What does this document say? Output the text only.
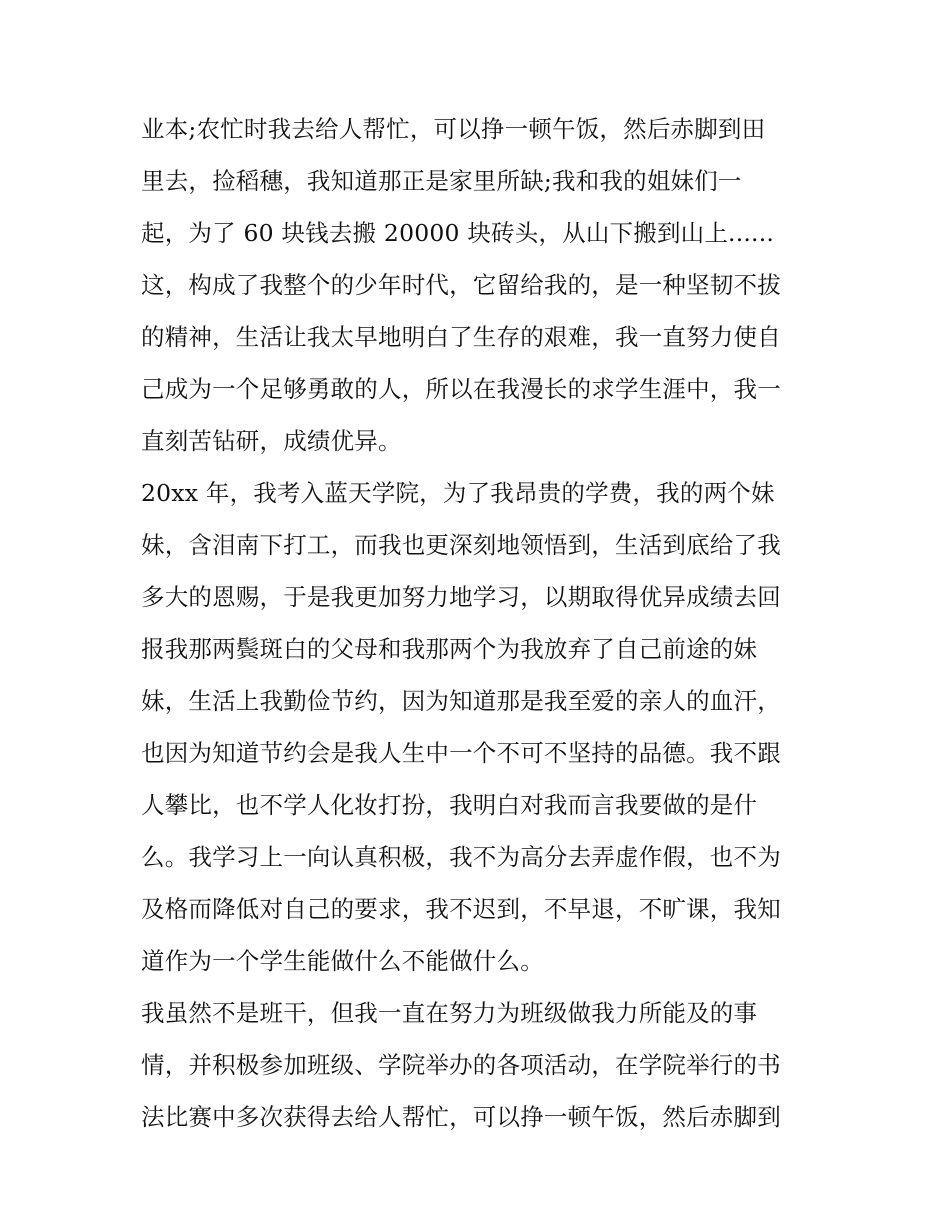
业本;农忙时我去给人帮忙，可以挣一顿午饭，然后赤脚到田
里去，捡稻穗，我知道那正是家里所缺;我和我的姐妹们一
起，为了 60 块钱去搬 20000 块砖头，从山下搬到山上......
这，构成了我整个的少年时代，它留给我的，是一种坚韧不拔
的精神，生活让我太早地明白了生存的艰难，我一直努力使自
己成为一个足够勇敢的人，所以在我漫长的求学生涯中，我一
直刻苦钻研，成绩优异。
20xx 年，我考入蓝天学院，为了我昂贵的学费，我的两个妹
妹，含泪南下打工，而我也更深刻地领悟到，生活到底给了我
多大的恩赐，于是我更加努力地学习，以期取得优异成绩去回
报我那两鬓斑白的父母和我那两个为我放弃了自己前途的妹
妹，生活上我勤俭节约，因为知道那是我至爱的亲人的血汗，
也因为知道节约会是我人生中一个不可不坚持的品德。我不跟
人攀比，也不学人化妆打扮，我明白对我而言我要做的是什
么。我学习上一向认真积极，我不为高分去弄虚作假，也不为
及格而降低对自己的要求，我不迟到，不早退，不旷课，我知
道作为一个学生能做什么不能做什么。
我虽然不是班干，但我一直在努力为班级做我力所能及的事
情，并积极参加班级、学院举办的各项活动，在学院举行的书
法比赛中多次获得去给人帮忙，可以挣一顿午饭，然后赤脚到
